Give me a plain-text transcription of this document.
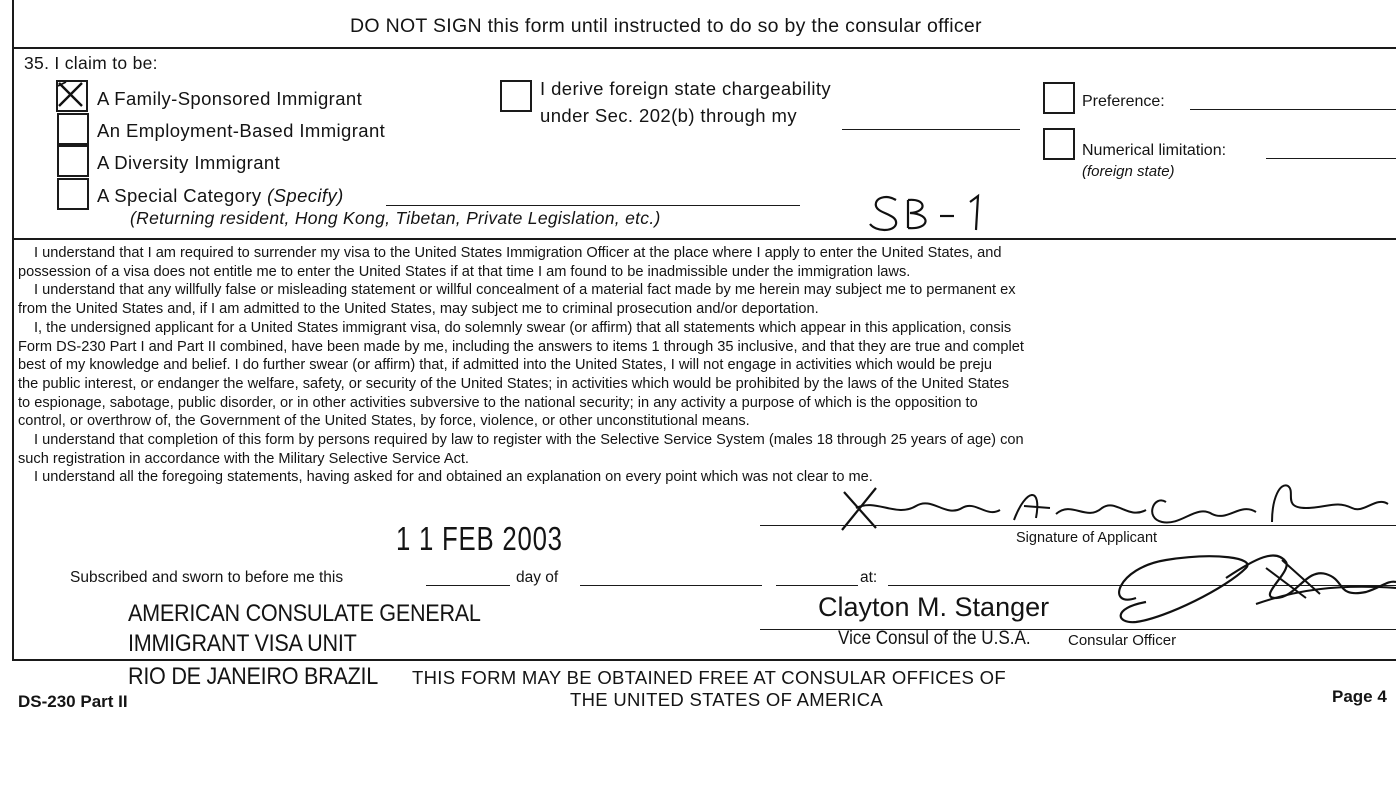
DO NOT SIGN this form until instructed to do so by the consular officer
35. I claim to be:
A Family-Sponsored Immigrant
An Employment-Based Immigrant
A Diversity Immigrant
A Special Category (Specify)
(Returning resident, Hong Kong, Tibetan, Private Legislation, etc.)
I derive foreign state chargeability
under Sec. 202(b) through my
Preference:
Numerical limitation:
(foreign state)
I understand that I am required to surrender my visa to the United States Immigration Officer at the place where I apply to enter the United States, and
possession of a visa does not entitle me to enter the United States if at that time I am found to be inadmissible under the immigration laws.
I understand that any willfully false or misleading statement or willful concealment of a material fact made by me herein may subject me to permanent ex
from the United States and, if I am admitted to the United States, may subject me to criminal prosecution and/or deportation.
I, the undersigned applicant for a United States immigrant visa, do solemnly swear (or affirm) that all statements which appear in this application, consis
Form DS-230 Part I and Part II combined, have been made by me, including the answers to items 1 through 35 inclusive, and that they are true and complet
best of my knowledge and belief. I do further swear (or affirm) that, if admitted into the United States, I will not engage in activities which would be preju
the public interest, or endanger the welfare, safety, or security of the United States; in activities which would be prohibited by the laws of the United States
to espionage, sabotage, public disorder, or in other activities subversive to the national security; in any activity a purpose of which is the opposition to
control, or overthrow of, the Government of the United States, by force, violence, or other unconstitutional means.
I understand that completion of this form by persons required by law to register with the Selective Service System (males 18 through 25 years of age) con
such registration in accordance with the Military Selective Service Act.
I understand all the foregoing statements, having asked for and obtained an explanation on every point which was not clear to me.
Signature of Applicant
1 1 FEB 2003
Subscribed and sworn to before me this	day of	at:
AMERICAN CONSULATE GENERAL
IMMIGRANT VISA UNIT
RIO DE JANEIRO BRAZIL
Clayton M. Stanger
Vice Consul of the U.S.A. Consular Officer
THIS FORM MAY BE OBTAINED FREE AT CONSULAR OFFICES OF
THE UNITED STATES OF AMERICA
DS-230 Part II	Page 4
